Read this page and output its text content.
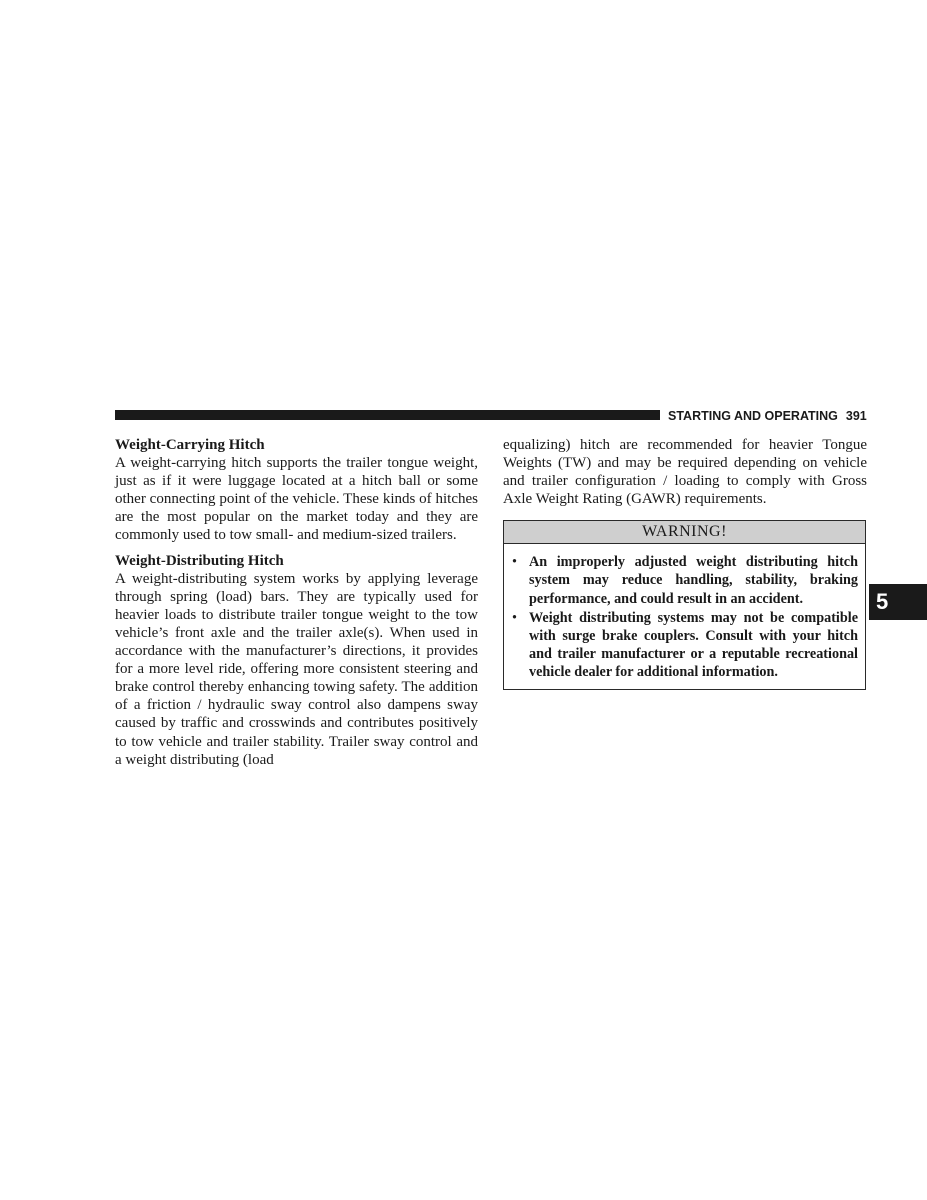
STARTING AND OPERATING 391

Weight-Carrying Hitch

A weight-carrying hitch supports the trailer tongue weight, just as if it were luggage located at a hitch ball or some other connecting point of the vehicle. These kinds of hitches are the most popular on the market today and they are commonly used to tow small- and medium-sized trailers.

Weight-Distributing Hitch

A weight-distributing system works by applying leverage through spring (load) bars. They are typically used for heavier loads to distribute trailer tongue weight to the tow vehicle’s front axle and the trailer axle(s). When used in accordance with the manufacturer’s directions, it provides for a more level ride, offering more consistent steering and brake control thereby enhancing towing safety. The addition of a friction / hydraulic sway control also dampens sway caused by traffic and crosswinds and contributes positively to tow vehicle and trailer stability. Trailer sway control and a weight distributing (load

equalizing) hitch are recommended for heavier Tongue Weights (TW) and may be required depending on vehicle and trailer configuration / loading to comply with Gross Axle Weight Rating (GAWR) requirements.

WARNING!
• An improperly adjusted weight distributing hitch system may reduce handling, stability, braking performance, and could result in an accident.
• Weight distributing systems may not be compatible with surge brake couplers. Consult with your hitch and trailer manufacturer or a reputable recreational vehicle dealer for additional information.
5
